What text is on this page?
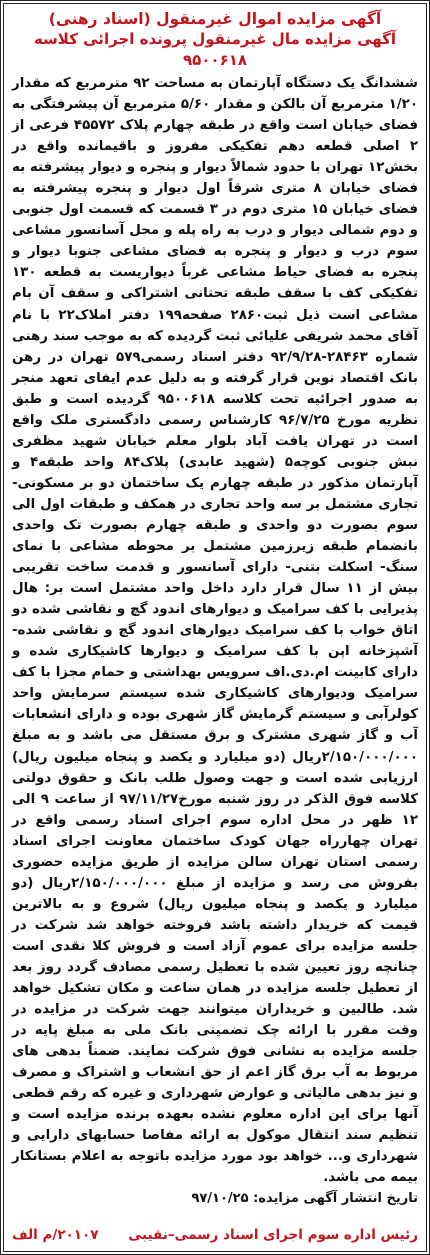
آگهی مزایده اموال غیرمنقول (اسناد رهنی)
آگهی مزایده مال غیرمنقول پرونده اجرائی کلاسه ۹۵۰۰۶۱۸
ششدانگ یک دستگاه آپارتمان به مساحت ۹۲ مترمربع که مقدار ۱/۲۰ مترمربع آن بالکن و مقدار ۵/۶۰ مترمربع آن پیشرفتگی به فضای خیابان است واقع در طبقه چهارم پلاک ۴۵۵۷۲ فرعی از ۲ اصلی قطعه دهم تفکیکی مفروز و باقیمانده واقع در بخش۱۲ تهران با حدود شمالاً دیوار و پنجره و دیوار پیشرفته به فضای خیابان ۸ متری شرقاً اول دیوار و پنجره پیشرفته به فضای خیابان ۱۵ متری دوم در ۳ قسمت که قسمت اول جنوبی و دوم شمالی دیوار و درب به راه پله و محل آسانسور مشاعی سوم درب و دیوار و پنجره به فضای مشاعی جنوبا دیوار و پنجره به فضای حیاط مشاعی غرباً دیواریست به قطعه ۱۳۰ تفکیکی کف با سقف طبقه تحتانی اشتراکی و سقف آن بام مشاعی است ذیل ثبت۲۸۶۰ صفحه۱۹۹ دفتر املاک۲۲ با نام آقای محمد شریفی علیائی ثبت گردیده که به موجب سند رهنی شماره ۲۸۴۶۳-۹۲/۹/۲۸ دفتر اسناد رسمی۵۷۹ تهران در رهن بانک اقتصاد نوین قرار گرفته و به دلیل عدم ایفای تعهد منجر به صدور اجرائیه تحت کلاسه ۹۵۰۰۶۱۸ گردیده است و طبق نظریه مورخ ۹۶/۷/۲۵ کارشناس رسمی دادگستری ملک واقع است در تهران یافت آباد بلوار معلم خیابان شهید مظفری نبش جنوبی کوچه۵ (شهید عابدی) پلاک۸۴ واحد طبقه۴ و آپارتمان مذکور در طبقه چهارم یک ساختمان دو بر مسکونی- تجاری مشتمل بر سه واحد تجاری در همکف و طبقات اول الی سوم بصورت دو واحدی و طبقه چهارم بصورت تک واحدی بانضمام طبقه زیرزمین مشتمل بر محوطه مشاعی با نمای سنگ- اسکلت بتنی- دارای آسانسور و قدمت ساخت تقریبی بیش از ۱۱ سال قرار دارد داخل واحد مشتمل است بر: هال پذیرایی با کف سرامیک و دیوارهای اندود گچ و نقاشی شده دو اتاق خواب با کف سرامیک دیوارهای اندود گچ و نقاشی شده- آشپزخانه اپن با کف سرامیک و دیوارها کاشیکاری شده و دارای کابینت ام.دی.اف سرویس بهداشتی و حمام مجزا با کف سرامیک ودیوارهای کاشیکاری شده سیستم سرمایش واحد کولرآبی و سیستم گرمایش گاز شهری بوده و دارای انشعابات آب و گاز شهری مشترک و برق مستقل می باشد و به مبلغ ۲/۱۵۰/۰۰۰/۰۰۰ریال (دو میلیارد و یکصد و پنجاه میلیون ریال) ارزیابی شده است و جهت وصول طلب بانک و حقوق دولتی کلاسه فوق الذکر در روز شنبه مورخ۹۷/۱۱/۲۷ از ساعت ۹ الی ۱۲ ظهر در محل اداره سوم اجرای اسناد رسمی واقع در تهران چهارراه جهان کودک ساختمان معاونت اجرای اسناد رسمی استان تهران سالن مزایده از طریق مزایده حضوری بفروش می رسد و مزایده از مبلغ ۲/۱۵۰/۰۰۰/۰۰۰ریال (دو میلیارد و یکصد و پنجاه میلیون ریال) شروع و به بالاترین قیمت که خریدار داشته باشد فروخته خواهد شد شرکت در جلسه مزایده برای عموم آزاد است و فروش کلا نقدی است چنانچه روز تعیین شده با تعطیل رسمی مصادف گردد روز بعد از تعطیل جلسه مزایده در همان ساعت و مکان تشکیل خواهد شد. طالبین و خریداران میتوانند جهت شرکت در مزایده در وقت مقرر با ارائه چک تضمینی بانک ملی به مبلغ پایه در جلسه مزایده به نشانی فوق شرکت نمایند. ضمناً بدهی های مربوط به آب برق گاز اعم از حق انشعاب و اشتراک و مصرف و نیز بدهی مالیاتی و عوارض شهرداری و غیره که رقم قطعی آنها برای این اداره معلوم نشده بعهده برنده مزایده است و تنظیم سند انتقال موکول به ارائه مفاصا حسابهای دارایی و شهرداری و... خواهد بود مورد مزایده باتوجه به اعلام بستانکار بیمه می باشد.
تاریخ انتشار آگهی مزایده: ۹۷/۱۰/۲۵
رئیس اداره سوم اجرای اسناد رسمی–نقیبی
۲۰۱۰۷/م الف
